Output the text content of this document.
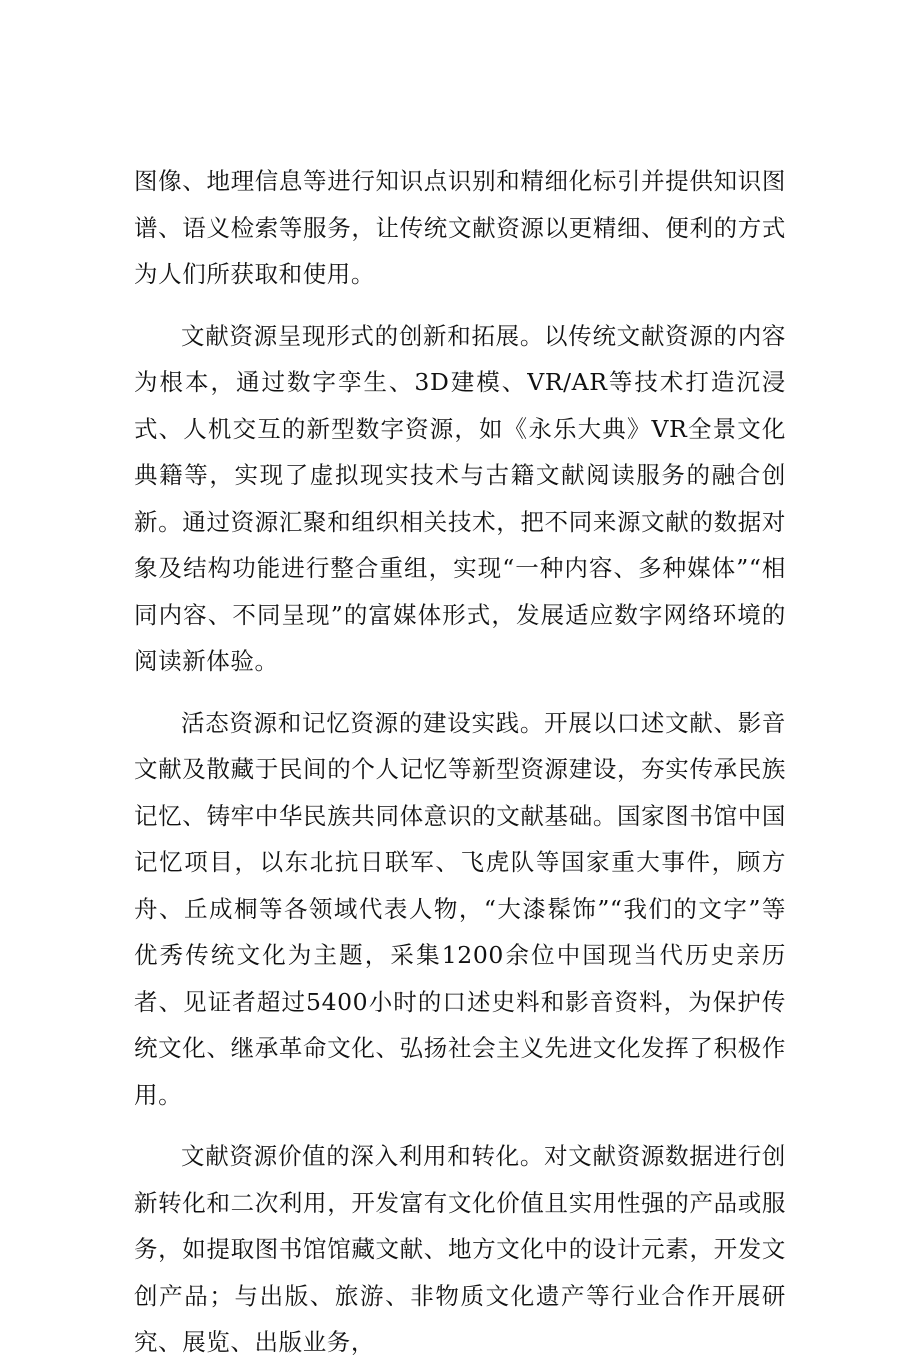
图像、地理信息等进行知识点识别和精细化标引并提供知识图谱、语义检索等服务，让传统文献资源以更精细、便利的方式为人们所获取和使用。

文献资源呈现形式的创新和拓展。以传统文献资源的内容为根本，通过数字孪生、3D建模、VR/AR等技术打造沉浸式、人机交互的新型数字资源，如《永乐大典》VR全景文化典籍等，实现了虚拟现实技术与古籍文献阅读服务的融合创新。通过资源汇聚和组织相关技术，把不同来源文献的数据对象及结构功能进行整合重组，实现“一种内容、多种媒体”“相同内容、不同呈现”的富媒体形式，发展适应数字网络环境的阅读新体验。

活态资源和记忆资源的建设实践。开展以口述文献、影音文献及散藏于民间的个人记忆等新型资源建设，夯实传承民族记忆、铸牢中华民族共同体意识的文献基础。国家图书馆中国记忆项目，以东北抗日联军、飞虎队等国家重大事件，顾方舟、丘成桐等各领域代表人物，“大漆髹饰”“我们的文字”等优秀传统文化为主题，采集1200余位中国现当代历史亲历者、见证者超过5400小时的口述史料和影音资料，为保护传统文化、继承革命文化、弘扬社会主义先进文化发挥了积极作用。

文献资源价值的深入利用和转化。对文献资源数据进行创新转化和二次利用，开发富有文化价值且实用性强的产品或服务，如提取图书馆馆藏文献、地方文化中的设计元素，开发文创产品；与出版、旅游、非物质文化遗产等行业合作开展研究、展览、出版业务，
